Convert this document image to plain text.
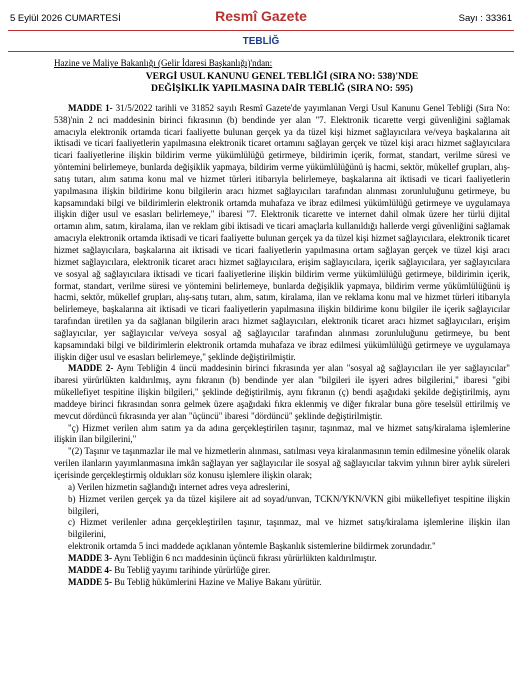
5 Eylül 2026 CUMARTESİ	Resmî Gazete	Sayı : 33361
TEBLİĞ

Hazine ve Maliye Bakanlığı (Gelir İdaresi Başkanlığı)'ndan:

VERGİ USUL KANUNU GENEL TEBLİĞİ (SIRA NO: 538)'NDE
DEĞİŞİKLİK YAPILMASINA DAİR TEBLİĞ (SIRA NO: 595)

MADDE 1- 31/5/2022 tarihli ve 31852 sayılı Resmî Gazete'de yayımlanan Vergi Usul Kanunu Genel Tebliği (Sıra No: 538)'nin 2 nci maddesinin birinci fıkrasının (b) bendinde yer alan "7. Elektronik ticarette vergi güvenliğini sağlamak amacıyla elektronik ortamda ticari faaliyette bulunan gerçek ya da tüzel kişi hizmet sağlayıcılara ve/veya başkalarına ait iktisadi ve ticari faaliyetlerin yapılmasına elektronik ticaret ortamını sağlayan gerçek ve tüzel kişi aracı hizmet sağlayıcılara ticari faaliyetlerine ilişkin bildirim verme yükümlülüğü getirmeye, bildirimin içerik, format, standart, verilme süresi ve yöntemini belirlemeye, bunlarda değişiklik yapmaya, bildirim verme yükümlülüğünü iş hacmi, sektör, mükellef grupları, alış-satış tutarı, alım satıma konu mal ve hizmet türleri itibarıyla belirlemeye, başkalarına ait iktisadi ve ticari faaliyetlerin yapılmasına ilişkin bildirime konu bilgilerin aracı hizmet sağlayıcıları tarafından alınması zorunluluğunu getirmeye, bu kapsamındaki bilgi ve bildirimlerin elektronik ortamda muhafaza ve ibraz edilmesi yükümlülüğü getirmeye ve uygulamaya ilişkin diğer usul ve esasları belirlemeye," ibaresi "7. Elektronik ticarette ve internet dahil olmak üzere her türlü dijital ortamın alım, satım, kiralama, ilan ve reklam gibi iktisadi ve ticari amaçlarla kullanıldığı hallerde vergi güvenliğini sağlamak amacıyla elektronik ortamda iktisadi ve ticari faaliyette bulunan gerçek ya da tüzel kişi hizmet sağlayıcılara, elektronik ticaret hizmet sağlayıcılara, başkalarına ait iktisadi ve ticari faaliyetlerin yapılmasına ortam sağlayan gerçek ve tüzel kişi aracı hizmet sağlayıcılara, elektronik ticaret aracı hizmet sağlayıcılara, erişim sağlayıcılara, içerik sağlayıcılara, yer sağlayıcılara ve sosyal ağ sağlayıcılara iktisadi ve ticari faaliyetlerine ilişkin bildirim verme yükümlülüğü getirmeye, bildirimin içerik, format, standart, verilme süresi ve yöntemini belirlemeye, bunlarda değişiklik yapmaya, bildirim verme yükümlülüğünü iş hacmi, sektör, mükellef grupları, alış-satış tutarı, alım, satım, kiralama, ilan ve reklama konu mal ve hizmet türleri itibarıyla belirlemeye, başkalarına ait iktisadi ve ticari faaliyetlerin yapılmasına ilişkin bildirime konu bilgiler ile içerik sağlayıcılar tarafından üretilen ya da sağlanan bilgilerin aracı hizmet sağlayıcıları, elektronik ticaret aracı hizmet sağlayıcıları, erişim sağlayıcılar, yer sağlayıcılar ve/veya sosyal ağ sağlayıcılar tarafından alınması zorunluluğunu getirmeye, bu bent kapsamındaki bilgi ve bildirimlerin elektronik ortamda muhafaza ve ibraz edilmesi yükümlülüğü getirmeye ve uygulamaya ilişkin diğer usul ve esasları belirlemeye," şeklinde değiştirilmiştir.

MADDE 2- Aynı Tebliğin 4 üncü maddesinin birinci fıkrasında yer alan "sosyal ağ sağlayıcıları ile yer sağlayıcılar" ibaresi yürürlükten kaldırılmış, aynı fıkranın (b) bendinde yer alan "bilgileri ile işyeri adres bilgilerini," ibaresi "gibi mükellefiyet tespitine ilişkin bilgileri," şeklinde değiştirilmiş, aynı fıkranın (ç) bendi aşağıdaki şekilde değiştirilmiş, aynı maddeye birinci fıkrasından sonra gelmek üzere aşağıdaki fıkra eklenmiş ve diğer fıkralar buna göre teselsül ettirilmiş ve mevcut dördüncü fıkrasında yer alan "üçüncü" ibaresi "dördüncü" şeklinde değiştirilmiştir.

"ç) Hizmet verilen alım satım ya da adına gerçekleştirilen taşınır, taşınmaz, mal ve hizmet satış/kiralama işlemlerine ilişkin ilan bilgilerini,"

"(2) Taşınır ve taşınmazlar ile mal ve hizmetlerin alınması, satılması veya kiralanmasının temin edilmesine yönelik olarak verilen ilanların yayımlanmasına imkân sağlayan yer sağlayıcılar ile sosyal ağ sağlayıcılar takvim yılının birer aylık süreleri içerisinde gerçekleştirmiş oldukları söz konusu işlemlere ilişkin olarak;

a) Verilen hizmetin sağlandığı internet adres veya adreslerini,

b) Hizmet verilen gerçek ya da tüzel kişilere ait ad soyad/unvan, TCKN/YKN/VKN gibi mükellefiyet tespitine ilişkin bilgileri,

c) Hizmet verilenler adına gerçekleştirilen taşınır, taşınmaz, mal ve hizmet satış/kiralama işlemlerine ilişkin ilan bilgilerini,

elektronik ortamda 5 inci maddede açıklanan yöntemle Başkanlık sistemlerine bildirmek zorundadır."

MADDE 3- Aynı Tebliğin 6 ncı maddesinin üçüncü fıkrası yürürlükten kaldırılmıştır.

MADDE 4- Bu Tebliğ yayımı tarihinde yürürlüğe girer.

MADDE 5- Bu Tebliğ hükümlerini Hazine ve Maliye Bakanı yürütür.
